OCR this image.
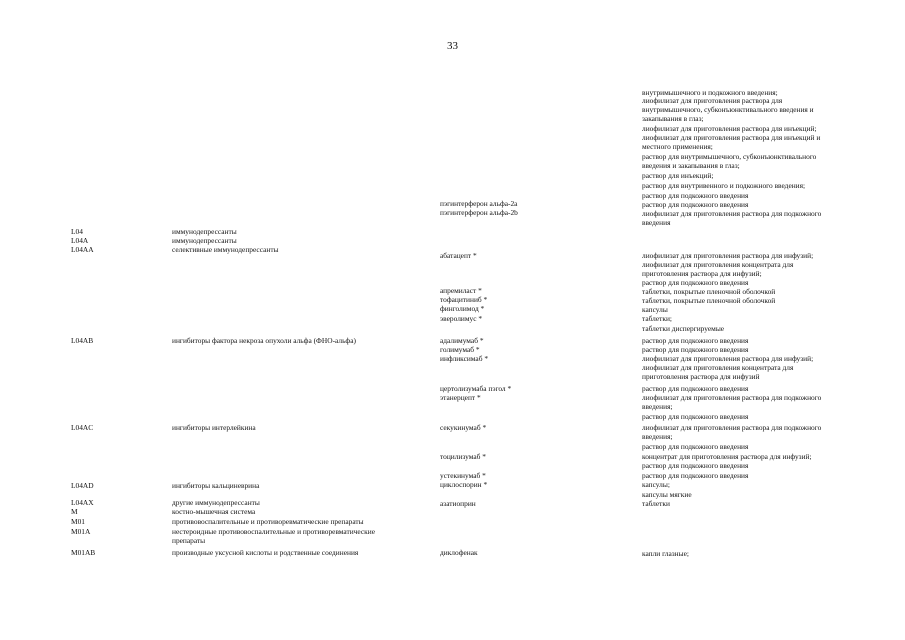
33
L04
L04A
L04AA
L04AB
L04AC
L04AD
L04AX
M
M01
M01A
M01AB
иммунодепрессанты
иммунодепрессанты
селективные иммунодепрессанты
ингибиторы фактора некроза опухоли альфа (ФНО-альфа)
ингибиторы интерлейкина
ингибиторы кальциневрина
другие иммунодепрессанты
костно-мышечная система
противовоспалительные и противоревматические препараты
нестероидные противовоспалительные и противоревматические
препараты
производные уксусной кислоты и родственные соединения
пэгинтерферон альфа-2а
пэгинтерферон альфа-2b
абатацепт *
апремиласт *
тофацитиниб *
финголимод *
эверолимус *
адалимумаб *
голимумаб *
инфликсимаб *
цертолизумаба пэгол *
этанерцепт *
секукинумаб *
тоцилизумаб *
устекинумаб *
циклоспорин *
азатиоприн
диклофенак
внутримышечного и подкожного введения;
лиофилизат для приготовления раствора для
внутримышечного, субконъюнктивального введения и
закапывания в глаз;
лиофилизат для приготовления раствора для инъекций;
лиофилизат для приготовления раствора для инъекций и
местного применения;
раствор для внутримышечного, субконъюнктивального
введения и закапывания в глаз;
раствор для инъекций;
раствор для внутривенного и подкожного введения;
раствор для подкожного введения
раствор для подкожного введения
лиофилизат для приготовления раствора для подкожного
введения
лиофилизат для приготовления раствора для инфузий;
лиофилизат для приготовления концентрата для
приготовления раствора для инфузий;
раствор для подкожного введения
таблетки, покрытые пленочной оболочкой
таблетки, покрытые пленочной оболочкой
капсулы
таблетки;
таблетки диспергируемые
раствор для подкожного введения
раствор для подкожного введения
лиофилизат для приготовления раствора для инфузий;
лиофилизат для приготовления концентрата для
приготовления раствора для инфузий
раствор для подкожного введения
лиофилизат для приготовления раствора для подкожного
введения;
раствор для подкожного введения
лиофилизат для приготовления раствора для подкожного
введения;
раствор для подкожного введения
концентрат для приготовления раствора для инфузий;
раствор для подкожного введения
раствор для подкожного введения
капсулы;
капсулы мягкие
таблетки
капли глазные;
